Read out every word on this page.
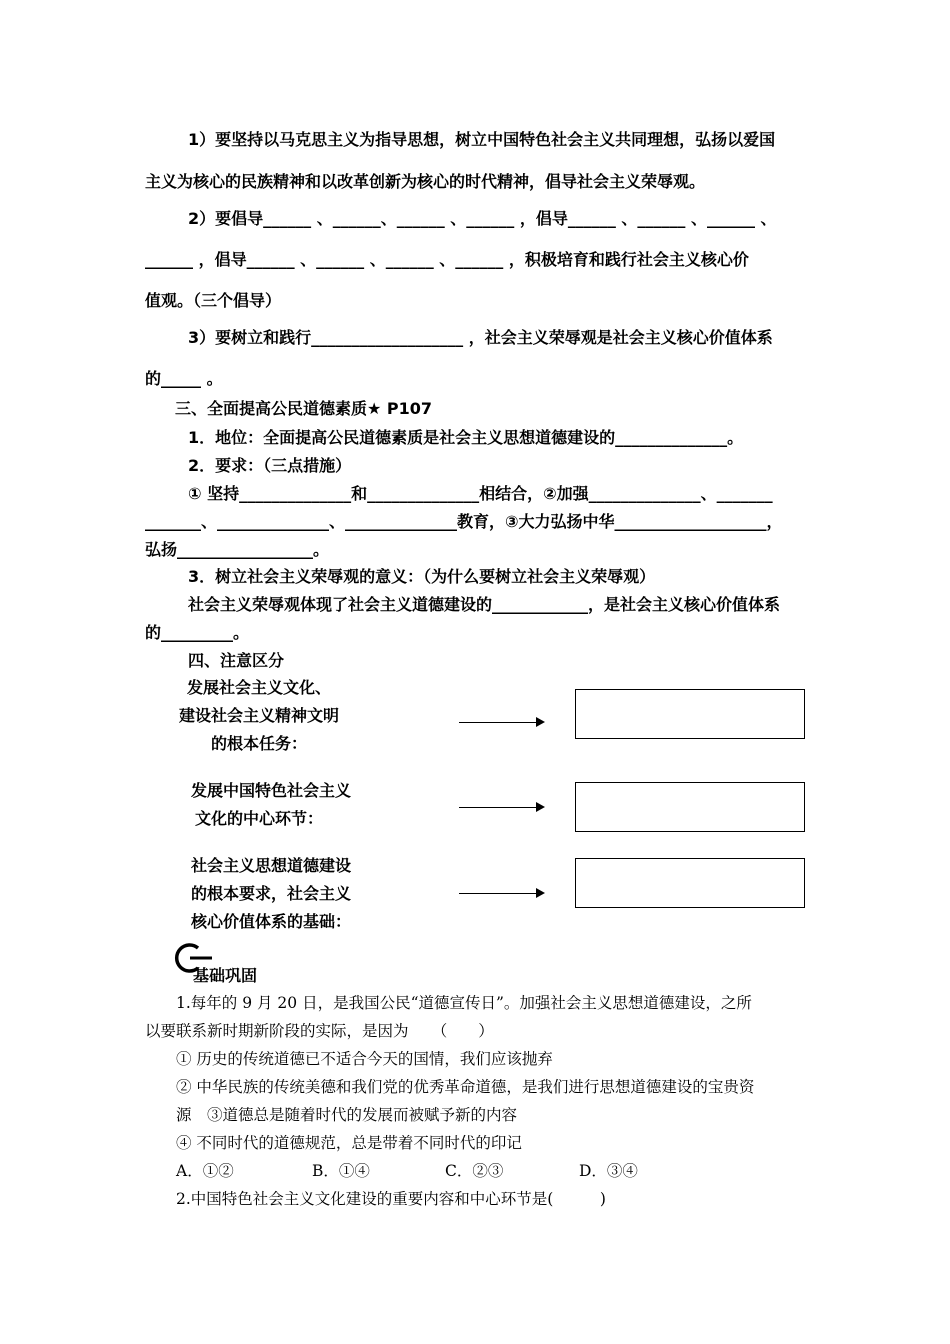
1）要坚持以马克思主义为指导思想，树立中国特色社会主义共同理想，弘扬以爱国
主义为核心的民族精神和以改革创新为核心的时代精神，倡导社会主义荣辱观。
2）要倡导______ 、______、______ 、______ ，倡导______ 、______ 、______ 、
______ ，倡导______ 、______ 、______ 、______ ，积极培育和践行社会主义核心价
值观。（三个倡导）
3）要树立和践行___________________ ，社会主义荣辱观是社会主义核心价值体系
的_____ 。
三、全面提高公民道德素质★ P107
1．地位：全面提高公民道德素质是社会主义思想道德建设的______________。
2．要求：（三点措施）
① 坚持______________和______________相结合，②加强______________、_______
_______、______________、______________教育，③大力弘扬中华___________________，
弘扬_________________。
3．树立社会主义荣辱观的意义：（为什么要树立社会主义荣辱观）
社会主义荣辱观体现了社会主义道德建设的____________，是社会主义核心价值体系
的_________。
四、注意区分
发展社会主义文化、
建设社会主义精神文明
的根本任务：
发展中国特色社会主义
文化的中心环节：
社会主义思想道德建设
的根本要求，社会主义
核心价值体系的基础：
基础巩固
1.每年的 9 月 20 日，是我国公民“道德宣传日”。加强社会主义思想道德建设，之所
以要联系新时期新阶段的实际，是因为　　（　　）
① 历史的传统道德已不适合今天的国情，我们应该抛弃
② 中华民族的传统美德和我们党的优秀革命道德，是我们进行思想道德建设的宝贵资
源　③道德总是随着时代的发展而被赋予新的内容
④ 不同时代的道德规范，总是带着不同时代的印记
A．①②	B．①④	C．②③	D．③④
2.中国特色社会主义文化建设的重要内容和中心环节是(　　　)
